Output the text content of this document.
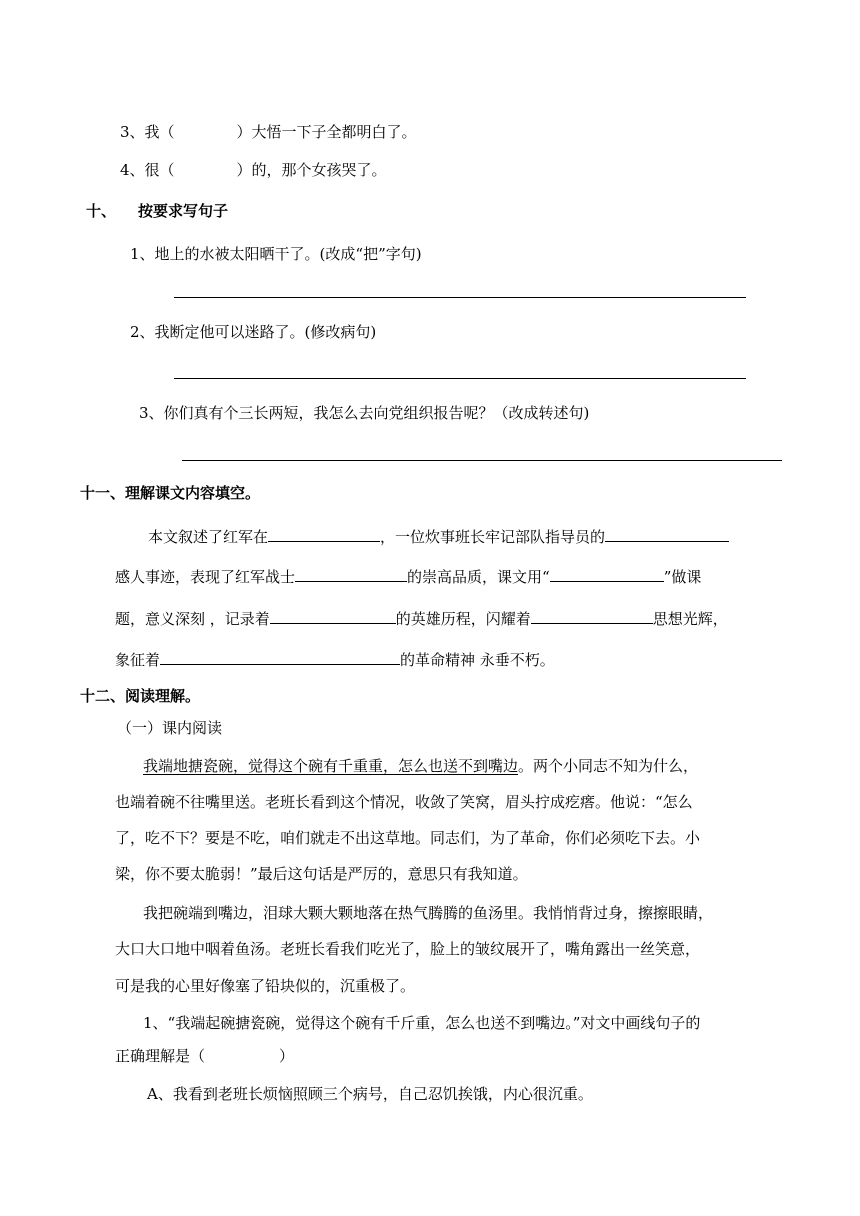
3、我（	）大悟一下子全都明白了。
4、很（	）的，那个女孩哭了。
十、 按要求写句子
1、地上的水被太阳晒干了。(改成“把”字句)
2、我断定他可以迷路了。(修改病句)
3、你们真有个三长两短，我怎么去向党组织报告呢？（改成转述句)
十一、理解课文内容填空。
本文叙述了红军在	，一位炊事班长牢记部队指导员的
感人事迹，表现了红军战士	的崇高品质，课文用“	”做课
题，意义深刻 ，记录着	的英雄历程，闪耀着	思想光辉，
象征着	的革命精神 永垂不朽。
十二、阅读理解。
（一）课内阅读
我端地搪瓷碗，觉得这个碗有千重重，怎么也送不到嘴边。两个小同志不知为什么，
也端着碗不往嘴里送。老班长看到这个情况，收敛了笑窝，眉头拧成疙瘩。他说：“怎么
了，吃不下？要是不吃，咱们就走不出这草地。同志们，为了革命，你们必须吃下去。小
梁，你不要太脆弱！”最后这句话是严厉的，意思只有我知道。
我把碗端到嘴边，泪球大颗大颗地落在热气腾腾的鱼汤里。我悄悄背过身，擦擦眼睛，
大口大口地中咽着鱼汤。老班长看我们吃光了，脸上的皱纹展开了，嘴角露出一丝笑意，
可是我的心里好像塞了铅块似的，沉重极了。
1、“我端起碗搪瓷碗，觉得这个碗有千斤重，怎么也送不到嘴边。”对文中画线句子的
正确理解是（	）
A、我看到老班长烦恼照顾三个病号，自己忍饥挨饿，内心很沉重。
